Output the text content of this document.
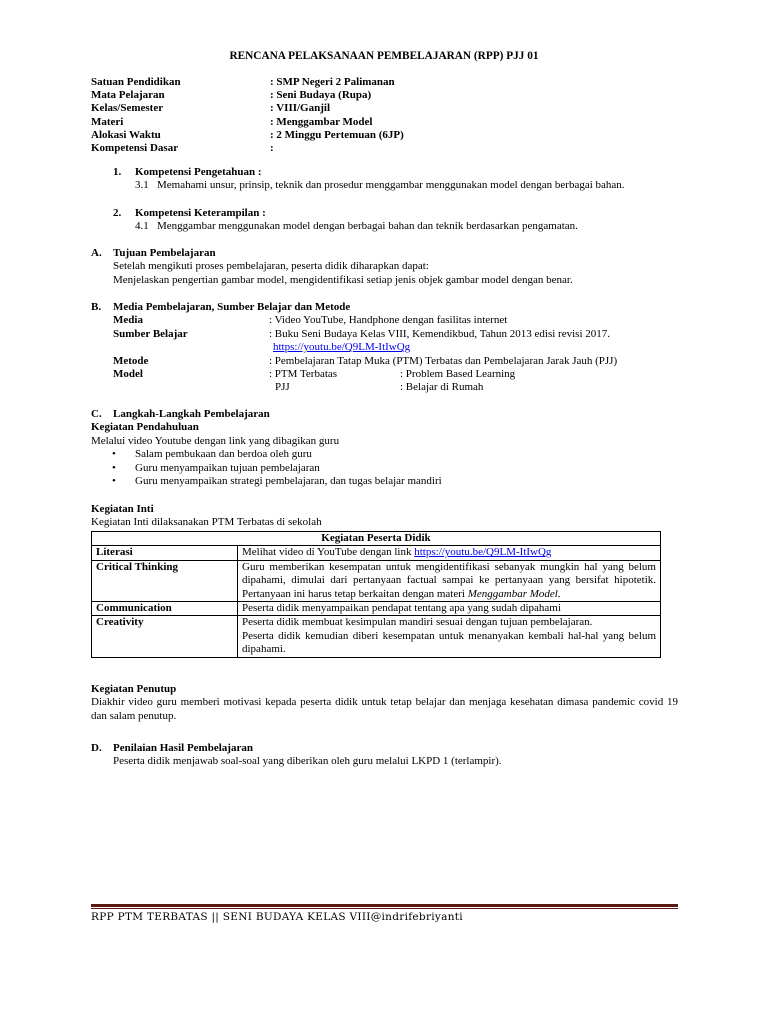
RENCANA PELAKSANAAN PEMBELAJARAN (RPP) PJJ 01
Satuan Pendidikan	: SMP Negeri 2 Palimanan
Mata Pelajaran	: Seni Budaya (Rupa)
Kelas/Semester	: VIII/Ganjil
Materi	: Menggambar Model
Alokasi Waktu	: 2 Minggu Pertemuan (6JP)
Kompetensi Dasar	:
1. Kompetensi Pengetahuan :
3.1 Memahami unsur, prinsip, teknik dan prosedur menggambar menggunakan model dengan berbagai bahan.
2. Kompetensi Keterampilan :
4.1 Menggambar menggunakan model dengan berbagai bahan dan teknik berdasarkan pengamatan.
A. Tujuan Pembelajaran
Setelah mengikuti proses pembelajaran, peserta didik diharapkan dapat:
Menjelaskan pengertian gambar model, mengidentifikasi setiap jenis objek gambar model dengan benar.
B. Media Pembelajaran, Sumber Belajar dan Metode
Media	: Video YouTube, Handphone dengan fasilitas internet
Sumber Belajar	: Buku Seni Budaya Kelas VIII, Kemendikbud, Tahun 2013 edisi revisi 2017.
https://youtu.be/Q9LM-ItIwQg
Metode	: Pembelajaran Tatap Muka (PTM) Terbatas dan Pembelajaran Jarak Jauh (PJJ)
Model	: PTM Terbatas	: Problem Based Learning
PJJ	: Belajar di Rumah
C. Langkah-Langkah Pembelajaran
Kegiatan Pendahuluan
Melalui video Youtube dengan link yang dibagikan guru
• Salam pembukaan dan berdoa oleh guru
• Guru menyampaikan tujuan pembelajaran
• Guru menyampaikan strategi pembelajaran, dan tugas belajar mandiri
Kegiatan Inti
Kegiatan Inti dilaksanakan PTM Terbatas di sekolah
Kegiatan Peserta Didik	
Literasi	Melihat video di YouTube dengan link https://youtu.be/Q9LM-ItIwQg
Critical Thinking	Guru memberikan kesempatan untuk mengidentifikasi sebanyak mungkin hal yang belum dipahami, dimulai dari pertanyaan factual sampai ke pertanyaan yang bersifat hipotetik. Pertanyaan ini harus tetap berkaitan dengan materi Menggambar Model.
Communication	Peserta didik menyampaikan pendapat tentang apa yang sudah dipahami
Creativity	Peserta didik membuat kesimpulan mandiri sesuai dengan tujuan pembelajaran.
Peserta didik kemudian diberi kesempatan untuk menanyakan kembali hal-hal yang belum dipahami.
Kegiatan Penutup
Diakhir video guru memberi motivasi kepada peserta didik untuk tetap belajar dan menjaga kesehatan dimasa pandemic covid 19 dan salam penutup.
D. Penilaian Hasil Pembelajaran
Peserta didik menjawab soal-soal yang diberikan oleh guru melalui LKPD 1 (terlampir).
RPP PTM TERBATAS || SENI BUDAYA KELAS VIII@indrifebriyanti
